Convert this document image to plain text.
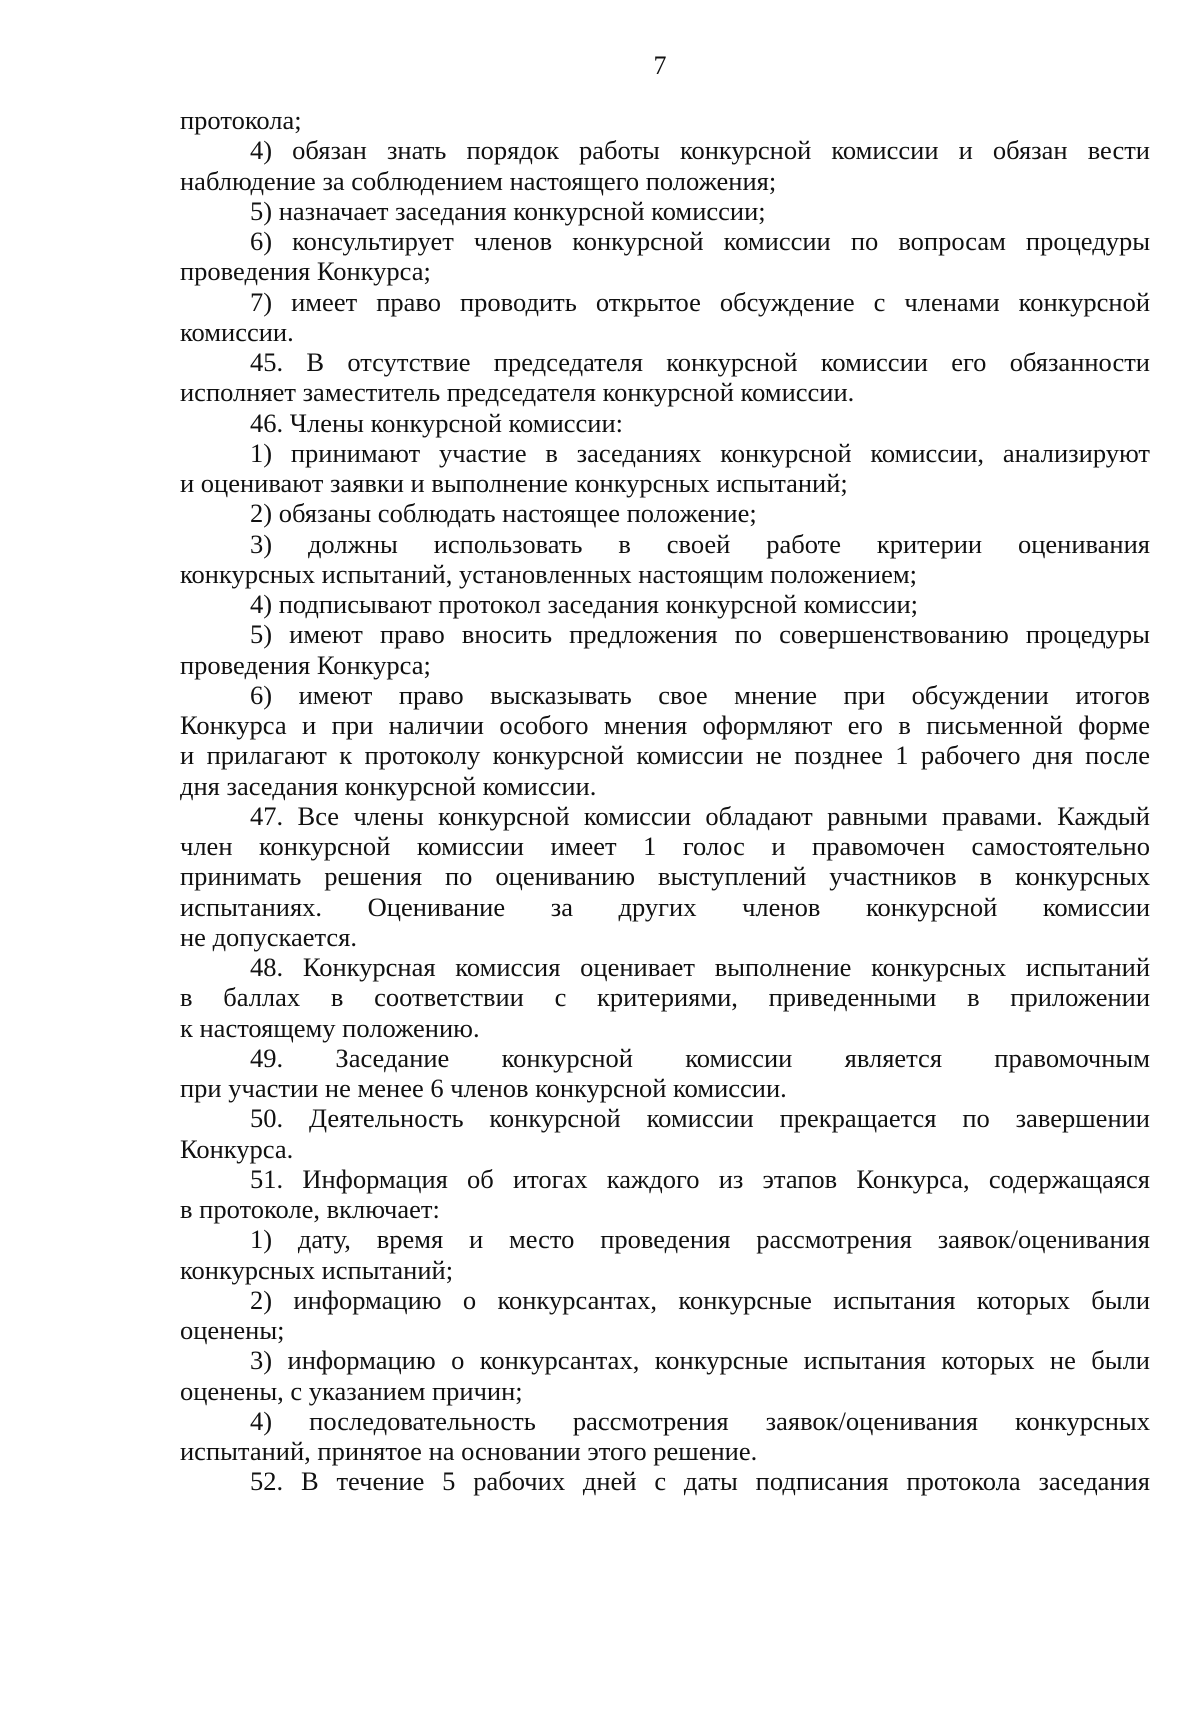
7
протокола;
4) обязан знать порядок работы конкурсной комиссии и обязан вести
наблюдение за соблюдением настоящего положения;
5) назначает заседания конкурсной комиссии;
6) консультирует членов конкурсной комиссии по вопросам процедуры
проведения Конкурса;
7) имеет право проводить открытое обсуждение с членами конкурсной
комиссии.
45. В отсутствие председателя конкурсной комиссии его обязанности
исполняет заместитель председателя конкурсной комиссии.
46. Члены конкурсной комиссии:
1) принимают участие в заседаниях конкурсной комиссии, анализируют
и оценивают заявки и выполнение конкурсных испытаний;
2) обязаны соблюдать настоящее положение;
3) должны использовать в своей работе критерии оценивания
конкурсных испытаний, установленных настоящим положением;
4) подписывают протокол заседания конкурсной комиссии;
5) имеют право вносить предложения по совершенствованию процедуры
проведения Конкурса;
6) имеют право высказывать свое мнение при обсуждении итогов
Конкурса и при наличии особого мнения оформляют его в письменной форме
и прилагают к протоколу конкурсной комиссии не позднее 1 рабочего дня после
дня заседания конкурсной комиссии.
47. Все члены конкурсной комиссии обладают равными правами. Каждый
член конкурсной комиссии имеет 1 голос и правомочен самостоятельно
принимать решения по оцениванию выступлений участников в конкурсных
испытаниях. Оценивание за других членов конкурсной комиссии
не допускается.
48. Конкурсная комиссия оценивает выполнение конкурсных испытаний
в баллах в соответствии с критериями, приведенными в приложении
к настоящему положению.
49. Заседание конкурсной комиссии является правомочным
при участии не менее 6 членов конкурсной комиссии.
50. Деятельность конкурсной комиссии прекращается по завершении
Конкурса.
51. Информация об итогах каждого из этапов Конкурса, содержащаяся
в протоколе, включает:
1) дату, время и место проведения рассмотрения заявок/оценивания
конкурсных испытаний;
2) информацию о конкурсантах, конкурсные испытания которых были
оценены;
3) информацию о конкурсантах, конкурсные испытания которых не были
оценены, с указанием причин;
4) последовательность рассмотрения заявок/оценивания конкурсных
испытаний, принятое на основании этого решение.
52. В течение 5 рабочих дней с даты подписания протокола заседания
